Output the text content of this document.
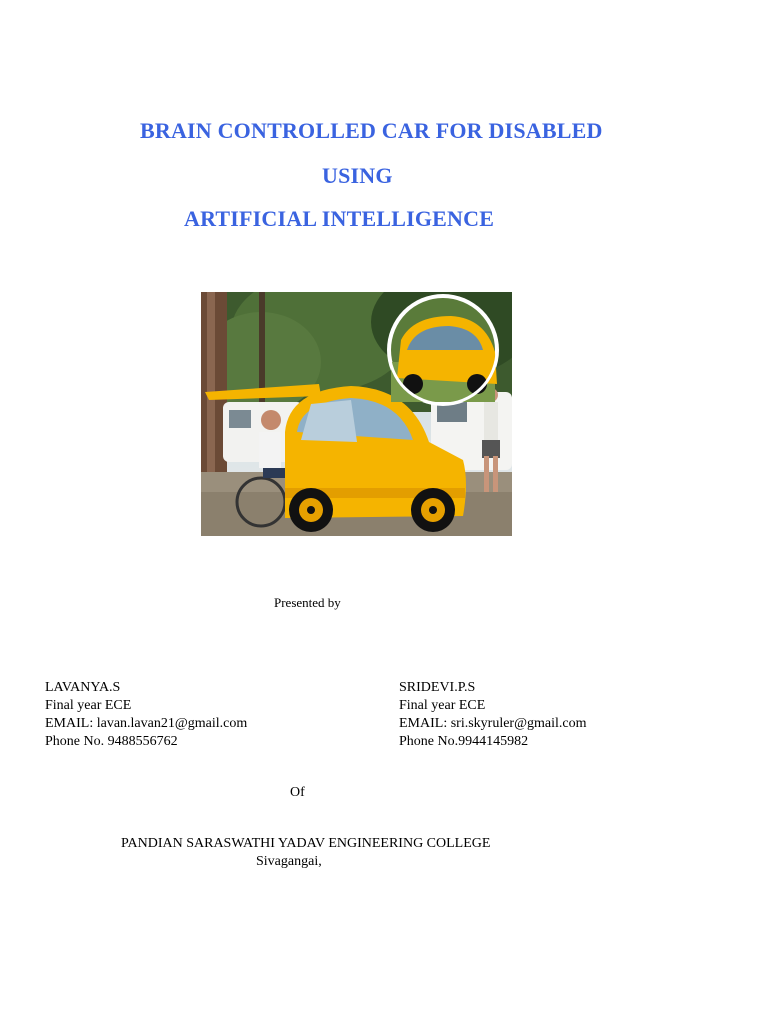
BRAIN CONTROLLED CAR FOR DISABLED
USING
ARTIFICIAL INTELLIGENCE
Presented by
LAVANYA.S
Final year ECE
EMAIL: lavan.lavan21@gmail.com
Phone No. 9488556762
SRIDEVI.P.S
Final year ECE
EMAIL: sri.skyruler@gmail.com
Phone No.9944145982
Of
PANDIAN SARASWATHI YADAV ENGINEERING COLLEGE
Sivagangai,
